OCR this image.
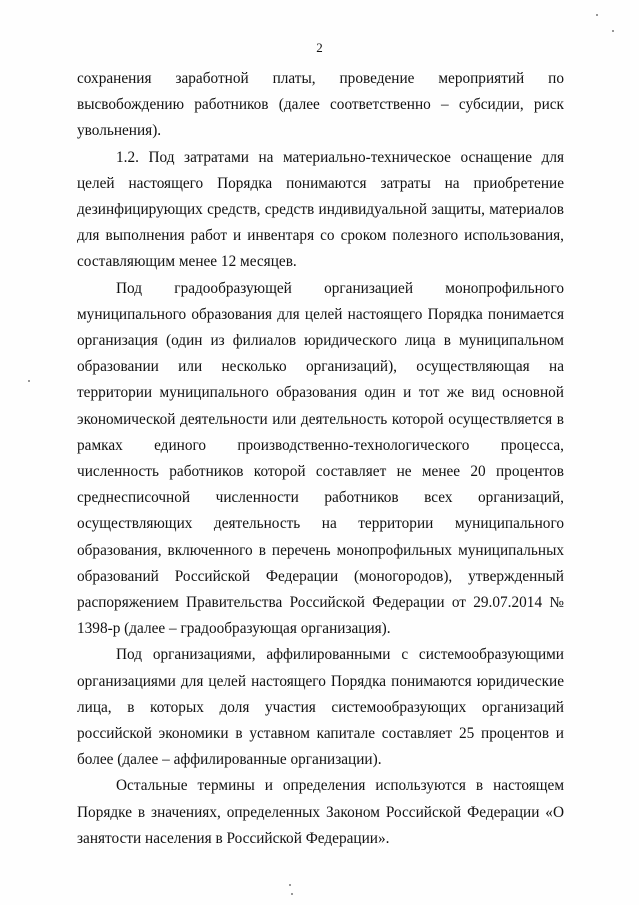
2

сохранения заработной платы, проведение мероприятий по высвобождению работников (далее соответственно – субсидии, риск увольнения).

1.2. Под затратами на материально-техническое оснащение для целей настоящего Порядка понимаются затраты на приобретение дезинфицирующих средств, средств индивидуальной защиты, материалов для выполнения работ и инвентаря со сроком полезного использования, составляющим менее 12 месяцев.

Под градообразующей организацией монопрофильного муниципального образования для целей настоящего Порядка понимается организация (один из филиалов юридического лица в муниципальном образовании или несколько организаций), осуществляющая на территории муниципального образования один и тот же вид основной экономической деятельности или деятельность которой осуществляется в рамках единого производственно-технологического процесса, численность работников которой составляет не менее 20 процентов среднесписочной численности работников всех организаций, осуществляющих деятельность на территории муниципального образования, включенного в перечень монопрофильных муниципальных образований Российской Федерации (моногородов), утвержденный распоряжением Правительства Российской Федерации от 29.07.2014 № 1398-р (далее – градообразующая организация).

Под организациями, аффилированными с системообразующими организациями для целей настоящего Порядка понимаются юридические лица, в которых доля участия системообразующих организаций российской экономики в уставном капитале составляет 25 процентов и более (далее – аффилированные организации).

Остальные термины и определения используются в настоящем Порядке в значениях, определенных Законом Российской Федерации «О занятости населения в Российской Федерации».
